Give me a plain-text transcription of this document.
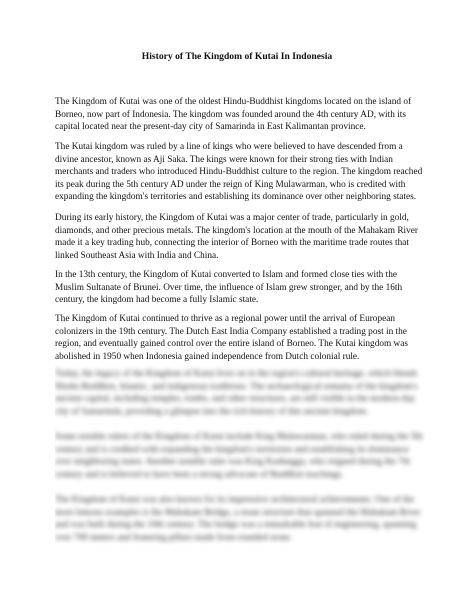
History of The Kingdom of Kutai In Indonesia

The Kingdom of Kutai was one of the oldest Hindu-Buddhist kingdoms located on the island of Borneo, now part of Indonesia. The kingdom was founded around the 4th century AD, with its capital located near the present-day city of Samarinda in East Kalimantan province.

The Kutai kingdom was ruled by a line of kings who were believed to have descended from a divine ancestor, known as Aji Saka. The kings were known for their strong ties with Indian merchants and traders who introduced Hindu-Buddhist culture to the region. The kingdom reached its peak during the 5th century AD under the reign of King Mulawarman, who is credited with expanding the kingdom's territories and establishing its dominance over other neighboring states.

During its early history, the Kingdom of Kutai was a major center of trade, particularly in gold, diamonds, and other precious metals. The kingdom's location at the mouth of the Mahakam River made it a key trading hub, connecting the interior of Borneo with the maritime trade routes that linked Southeast Asia with India and China.

In the 13th century, the Kingdom of Kutai converted to Islam and formed close ties with the Muslim Sultanate of Brunei. Over time, the influence of Islam grew stronger, and by the 16th century, the kingdom had become a fully Islamic state.

The Kingdom of Kutai continued to thrive as a regional power until the arrival of European colonizers in the 19th century. The Dutch East India Company established a trading post in the region, and eventually gained control over the entire island of Borneo. The Kutai kingdom was abolished in 1950 when Indonesia gained independence from Dutch colonial rule.

Today, the legacy of the Kingdom of Kutai lives on in the region's cultural heritage, which blends Hindu-Buddhist, Islamic, and indigenous traditions. The archaeological remains of the kingdom's ancient capital, including temples, tombs, and other structures, are still visible in the modern-day city of Samarinda, providing a glimpse into the rich history of this ancient kingdom.

Some notable rulers of the Kingdom of Kutai include King Mulawarman, who ruled during the 5th century and is credited with expanding the kingdom's territories and establishing its dominance over neighboring states. Another notable ruler was King Kudungga, who reigned during the 7th century and is believed to have been a strong advocate of Buddhist teachings.

The Kingdom of Kutai was also known for its impressive architectural achievements. One of the most famous examples is the Mahakam Bridge, a stone structure that spanned the Mahakam River and was built during the 10th century. The bridge was a remarkable feat of engineering, spanning over 700 meters and featuring pillars made from rounded stone.
